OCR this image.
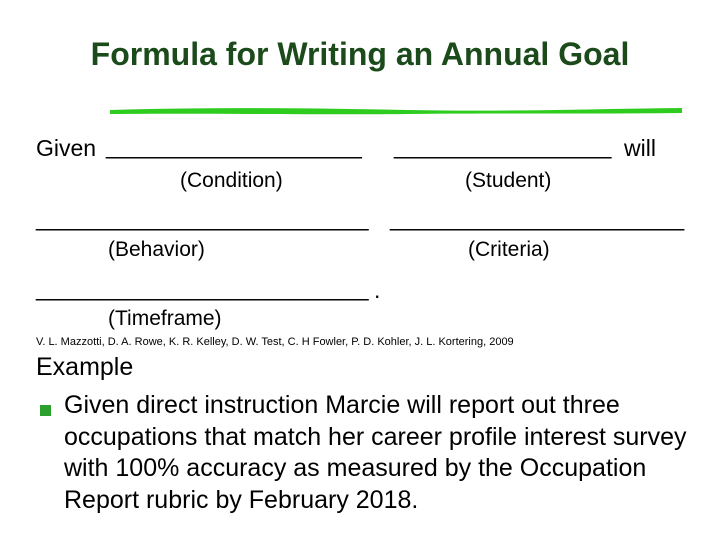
Formula for Writing an Annual Goal
Given ____________________ _________________ will
(Condition)	(Student)
__________________________ _______________________
(Behavior)	(Criteria)
__________________________ .
(Timeframe)
V. L. Mazzotti, D. A. Rowe, K. R. Kelley, D. W. Test, C. H Fowler, P. D. Kohler, J. L. Kortering, 2009
Example
Given direct instruction Marcie will report out three occupations that match her career profile interest survey with 100% accuracy as measured by the Occupation Report rubric by February 2018.
